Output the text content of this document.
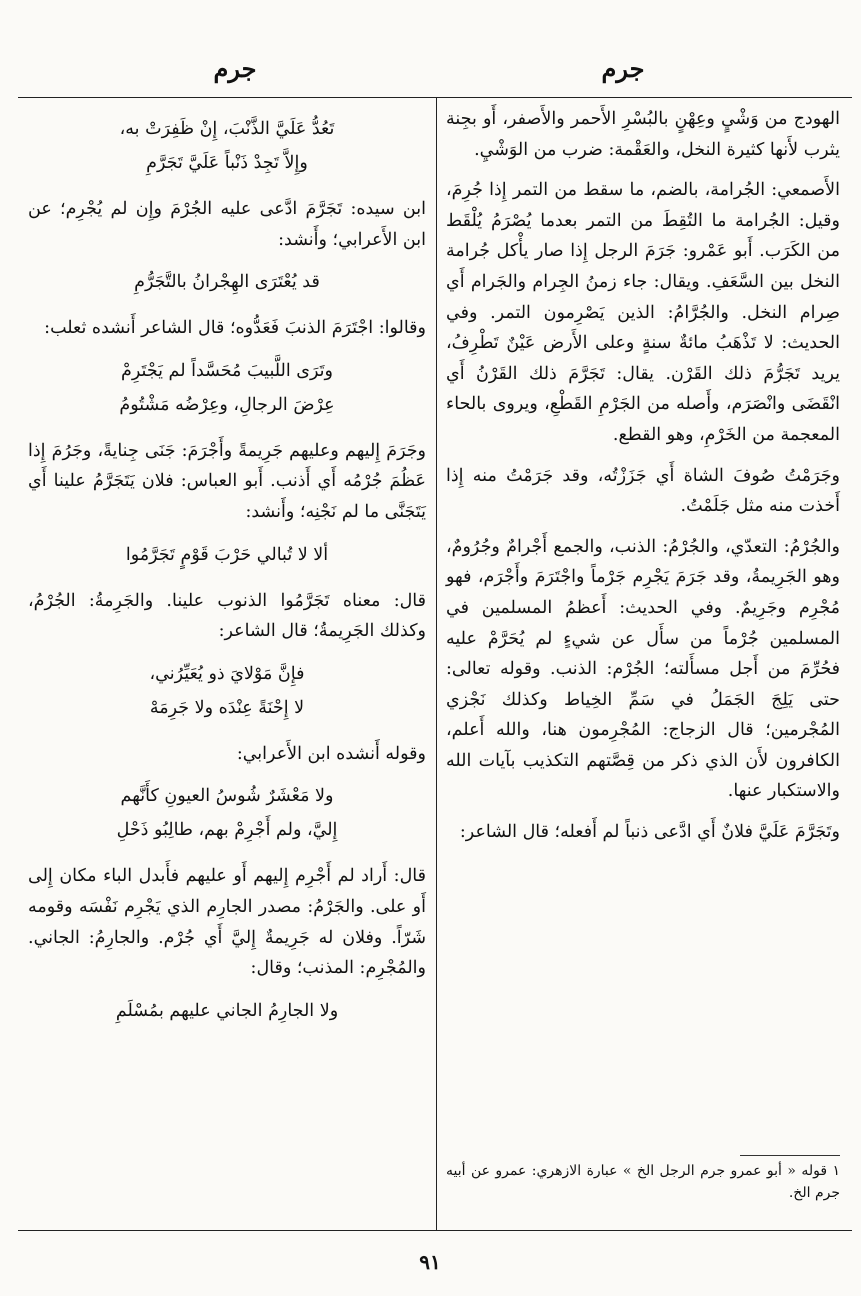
جرم
جرم

الهودج من وَشْيٍ وعِهْنٍ بالبُسْرِ الأَحمر والأَصفر، أَو بجِنة يثرب لأَنها كثيرة النخل، والعَقْمة: ضرب من الوَشْيِ.

الأَصمعي: الجُرامة، بالضم، ما سقط من التمر إِذا جُرِمَ، وقيل: الجُرامة ما التُقِطَ من التمر بعدما يُصْرَمُ يُلْقَط من الكَرَب. أَبو عَمْرو: جَرَمَ الرجل إِذا صار يأْكل جُرامة النخل بين السَّعَفِ. ويقال: جاء زمنُ الجِرام والجَرام أَي صِرام النخل. والجُرَّامُ: الذين يَصْرِمون التمر. وفي الحديث: لا تَذْهَبُ مائةٌ سنةٍ وعلى الأَرض عَيْنٌ تَطْرِفُ، يريد تَجَرُّمَ ذلك القَرْن. يقال: تَجَرَّمَ ذلك القَرْنُ أَي انْقَضَى وانْصَرَم، وأَصله من الجَرْمِ القَطْعِ، ويروى بالحاء المعجمة من الخَرْمِ، وهو القطع.

وجَرَمْتُ صُوفَ الشاة أَي جَزَزْتُه، وقد جَرَمْتُ منه إِذا أَخذت منه مثل جَلَمْتُ.

والجُرْمُ: التعدّي، والجُرْمُ: الذنب، والجمع أَجْرامٌ وجُرُومٌ، وهو الجَرِيمةُ، وقد جَرَمَ يَجْرِم جَرْماً واجْتَرَمَ وأَجْرَم، فهو مُجْرِم وجَرِيمٌ. وفي الحديث: أَعظمُ المسلمين في المسلمين جُرْماً من سأَل عن شيءٍ لم يُحَرَّمْ عليه فحُرِّمَ من أَجل مسأَلته؛ الجُرْم: الذنب. وقوله تعالى: حتى يَلِجَ الجَمَلُ في سَمِّ الخِياط وكذلك نَجْزي المُجْرمين؛ قال الزجاج: المُجْرِمون هنا، والله أَعلم، الكافرون لأَن الذي ذكر من قِصَّتهم التكذيب بآيات الله والاستكبار عنها.

وتَجَرَّمَ عَلَيَّ فلانٌ أَي ادَّعى ذنباً لم أَفعله؛ قال الشاعر:

١ قوله « أبو عمرو جرم الرجل الخ » عبارة الازهري: عمرو عن أبيه جرم الخ.
تَعُدُّ عَلَيَّ الذَّنْبَ، إِنْ ظَفِرَتْ به،
وإِلاَّ تَجِدْ ذَنْباً عَلَيَّ تَجَرَّمِ

ابن سيده: تَجَرَّمَ ادَّعى عليه الجُرْمَ وإِن لم يُجْرِم؛ عن ابن الأَعرابي؛ وأَنشد:

قد يُعْتَرَى الهِجْرانُ بالتَّجَرُّمِ

وقالوا: اجْتَرَمَ الذنبَ فَعَدُّوه؛ قال الشاعر أَنشده ثعلب:

وتَرَى اللَّبيبَ مُحَسَّداً لم يَجْتَرِمْ
عِرْضَ الرجالِ، وعِرْضُه مَشْتُومُ

وجَرَمَ إِليهم وعليهم جَرِيمةً وأَجْرَمَ: جَنَى جِنايةً، وجَرُمَ إِذا عَظُمَ جُرْمُه أَي أَذنب. أَبو العباس: فلان يَتَجَرَّمُ علينا أَي يَتَجَنَّى ما لم نَجْنِه؛ وأَنشد:

ألا لا تُبالي حَرْبَ قَوْمٍ تَجَرَّمُوا

قال: معناه تَجَرَّمُوا الذنوب علينا. والجَرِمةُ: الجُرْمُ، وكذلك الجَرِيمةُ؛ قال الشاعر:

فإِنَّ مَوْلايَ ذو يُعَيِّرُني،
لا إِحْنَةً عِنْدَه ولا جَرِمَهْ

وقوله أَنشده ابن الأَعرابي:

ولا مَعْشَرٌ شُوسُ العيونِ كأَنَّهم
إِليَّ، ولم أَجْرِمْ بهم، طالِبُو ذَحْلِ

قال: أَراد لم أَجْرِم إِليهم أَو عليهم فأَبدل الباء مكان إِلى أَو على. والجَرْمُ: مصدر الجارِم الذي يَجْرِم نَفْسَه وقومه شَرّاً. وفلان له جَرِيمةٌ إِليَّ أَي جُرْم. والجارِمُ: الجاني. والمُجْرِم: المذنب؛ وقال:

ولا الجارِمُ الجاني عليهم بمُسْلَمِ
٩١
